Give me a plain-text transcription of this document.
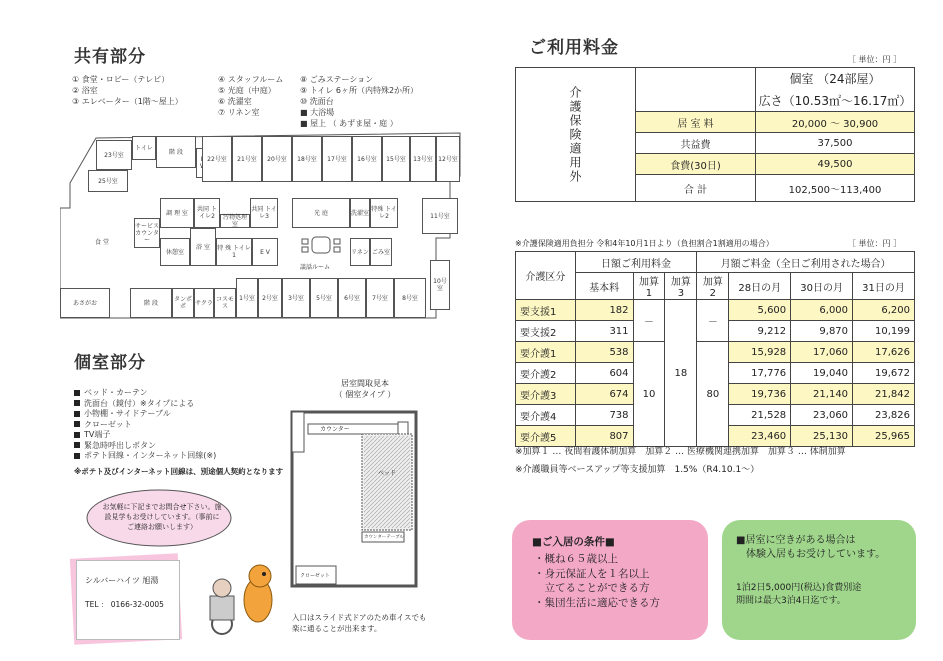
共有部分
① 食堂・ロビー（テレビ）
② 浴室
③ エレベーター（1階〜屋上）
④ スタッフルーム
⑤ 光庭（中庭）
⑥ 洗濯室
⑦ リネン室
⑧ ごみステーション
⑨ トイレ 6ヶ所（内特殊2か所）
⑩ 洗面台
■ 大浴場
■ 屋上 （ あずま屋・庭 ）
23号室
トイレ
階 段
22号室 21号室 20号室 18号室 17号室 16号室 15号室 13号室 12号室
25号室
サービス カウンター
調 理 室	共同 トイレ2	汚物処理室
共同 トイレ3	光 庭	洗濯室 特殊 トイレ2	11号室
休憩室
浴 室 特 殊 トイレ1	E V	リネン ごみ室
食 堂
談話ルーム
10号室
あさがお	階 段	タンポポ	サクラ コスモス
1号室 2号室 3号室 5号室 6号室 7号室 8号室
個室部分
ベッド・カーテン
洗面台（鏡付）※タイプによる
小物棚・サイドテーブル
クローゼット
TV端子
緊急時呼出しボタン
ポテト回線・インターネット回線(※)
※ポテト及びインターネット回線は、別途個人契約となります
居室間取見本
（ 個室タイプ ）
カウンター
ベッド
カウンターテーブル
クローゼット
入口はスライド式ドアのため車イスでも楽に通ることが出来ます。
お気軽に下記までお問合せ下さい。施設見学もお受けしています。（事前にご連絡お願いします）
シルバーハイツ 旭湯
TEL ： 0166-32-0005
ご利用料金
［ 単位：円 ］
介護保険適用外		個室 （24部屋）
		広さ（10.53㎡〜16.17㎡）
	居 室 料	20,000 〜 30,900
	共益費	37,500
	食費(30日)	49,500
	合 計	102,500〜113,400
※介護保険適用負担分 令和4年10月1日より（負担割合1割適用の場合）	［ 単位：円 ］
介護区分	日額ご利用料金			月額ご料金（全日ご利用された場合）			
	基本料	加算1	加算3	加算2	28日の月	30日の月	31日の月
要支援1	182	－	18	－	5,600	6,000	6,200
要支援2	311				9,212	9,870	10,199
要介護1	538	10		80	15,928	17,060	17,626
要介護2	604				17,776	19,040	19,672
要介護3	674				19,736	21,140	21,842
要介護4	738				21,528	23,060	23,826
要介護5	807				23,460	25,130	25,965
※加算１ … 夜間看護体制加算　加算２ … 医療機関連携加算　加算３ … 体制加算
※介護職員等ベースアップ等支援加算　1.5%（R4.10.1〜）
■ご入居の条件■
・概ね６５歳以上
・身元保証人を１名以上
　立てることができる方
・集団生活に適応できる方
■居室に空きがある場合は
　体験入居もお受けしています。
1泊2日5,000円(税込)食費別途
期間は最大3泊4日迄です。
